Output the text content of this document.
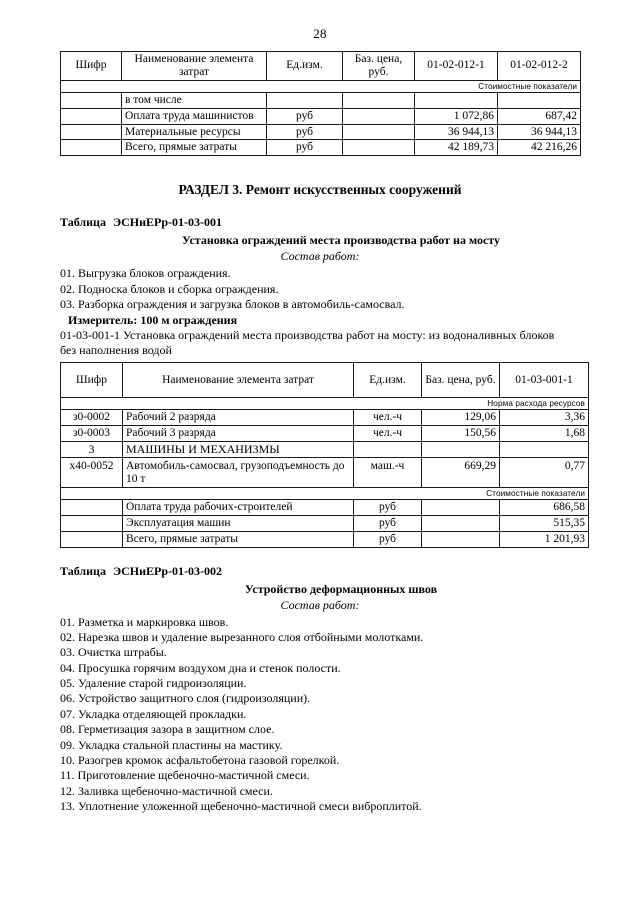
28
Шифр	Наименование элемента затрат	Ед.изм.	Баз. цена, руб.	01-02-012-1	01-02-012-2
Стоимостные показатели					
	в том числе				
	Оплата труда машинистов	руб		1 072,86	687,42
	Материальные ресурсы	руб		36 944,13	36 944,13
	Всего, прямые затраты	руб		42 189,73	42 216,26
РАЗДЕЛ 3. Ремонт искусственных сооружений
Таблица ЭСНиЕРр-01-03-001
Установка ограждений места производства работ на мосту
Состав работ:
01. Выгрузка блоков ограждения.
02. Подноска блоков и сборка ограждения.
03. Разборка ограждения и загрузка блоков в автомобиль-самосвал.
Измеритель: 100 м ограждения
01-03-001-1 Установка ограждений места производства работ на мосту: из водоналивных блоков
без наполнения водой
Шифр	Наименование элемента затрат	Ед.изм.	Баз. цена, руб.	01-03-001-1
Норма расхода ресурсов				
з0-0002	Рабочий 2 разряда	чел.-ч	129,06	3,36
з0-0003	Рабочий 3 разряда	чел.-ч	150,56	1,68
3	МАШИНЫ И МЕХАНИЗМЫ			
x40-0052	Автомобиль-самосвал, грузоподъемность до 10 т	маш.-ч	669,29	0,77
Стоимостные показатели				
	Оплата труда рабочих-строителей	руб		686,58
	Эксплуатация машин	руб		515,35
	Всего, прямые затраты	руб		1 201,93
Таблица ЭСНиЕРр-01-03-002
Устройство деформационных швов
Состав работ:
01. Разметка и маркировка швов.
02. Нарезка швов и удаление вырезанного слоя отбойными молотками.
03. Очистка штрабы.
04. Просушка горячим воздухом дна и стенок полости.
05. Удаление старой гидроизоляции.
06. Устройство защитного слоя (гидроизоляции).
07. Укладка отделяющей прокладки.
08. Герметизация зазора в защитном слое.
09. Укладка стальной пластины на мастику.
10. Разогрев кромок асфальтобетона газовой горелкой.
11. Приготовление щебеночно-мастичной смеси.
12. Заливка щебеночно-мастичной смеси.
13. Уплотнение уложенной щебеночно-мастичной смеси виброплитой.
